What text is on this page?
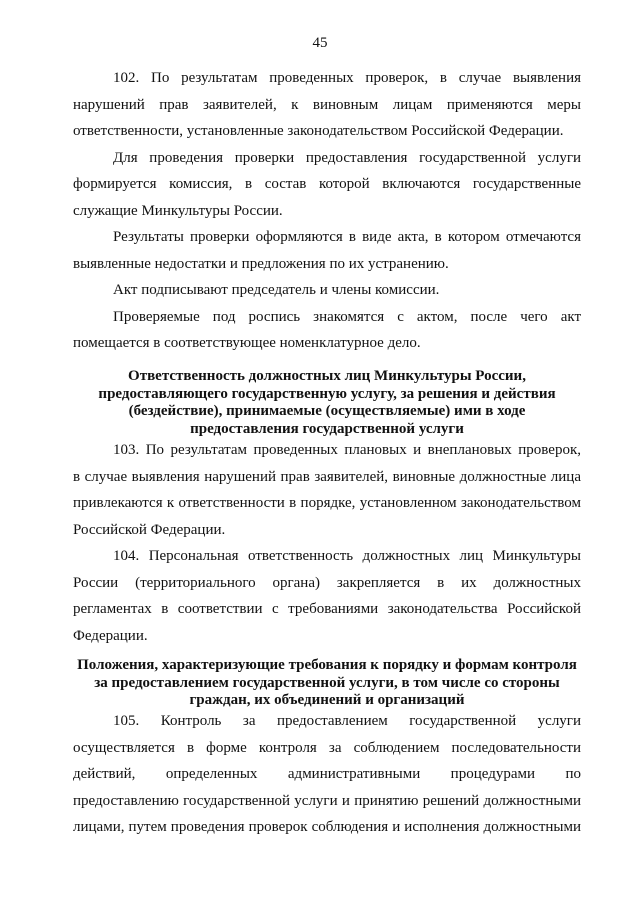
45
102. По результатам проведенных проверок, в случае выявления
нарушений прав заявителей, к виновным лицам применяются меры
ответственности, установленные законодательством Российской Федерации.
Для проведения проверки предоставления государственной услуги
формируется комиссия, в состав которой включаются государственные
служащие Минкультуры России.
Результаты проверки оформляются в виде акта, в котором отмечаются
выявленные недостатки и предложения по их устранению.
Акт подписывают председатель и члены комиссии.
Проверяемые под роспись знакомятся с актом, после чего акт
помещается в соответствующее номенклатурное дело.
Ответственность должностных лиц Минкультуры России,
предоставляющего государственную услугу, за решения и действия
(бездействие), принимаемые (осуществляемые) ими в ходе
предоставления государственной услуги
103. По результатам проведенных плановых и внеплановых проверок,
в случае выявления нарушений прав заявителей, виновные должностные лица
привлекаются к ответственности в порядке, установленном законодательством
Российской Федерации.
104. Персональная ответственность должностных лиц Минкультуры
России (территориального органа) закрепляется в их должностных
регламентах в соответствии с требованиями законодательства Российской
Федерации.
Положения, характеризующие требования к порядку и формам контроля
за предоставлением государственной услуги, в том числе со стороны
граждан, их объединений и организаций
105. Контроль за предоставлением государственной услуги
осуществляется в форме контроля за соблюдением последовательности
действий, определенных административными процедурами по
предоставлению государственной услуги и принятию решений должностными
лицами, путем проведения проверок соблюдения и исполнения должностными
